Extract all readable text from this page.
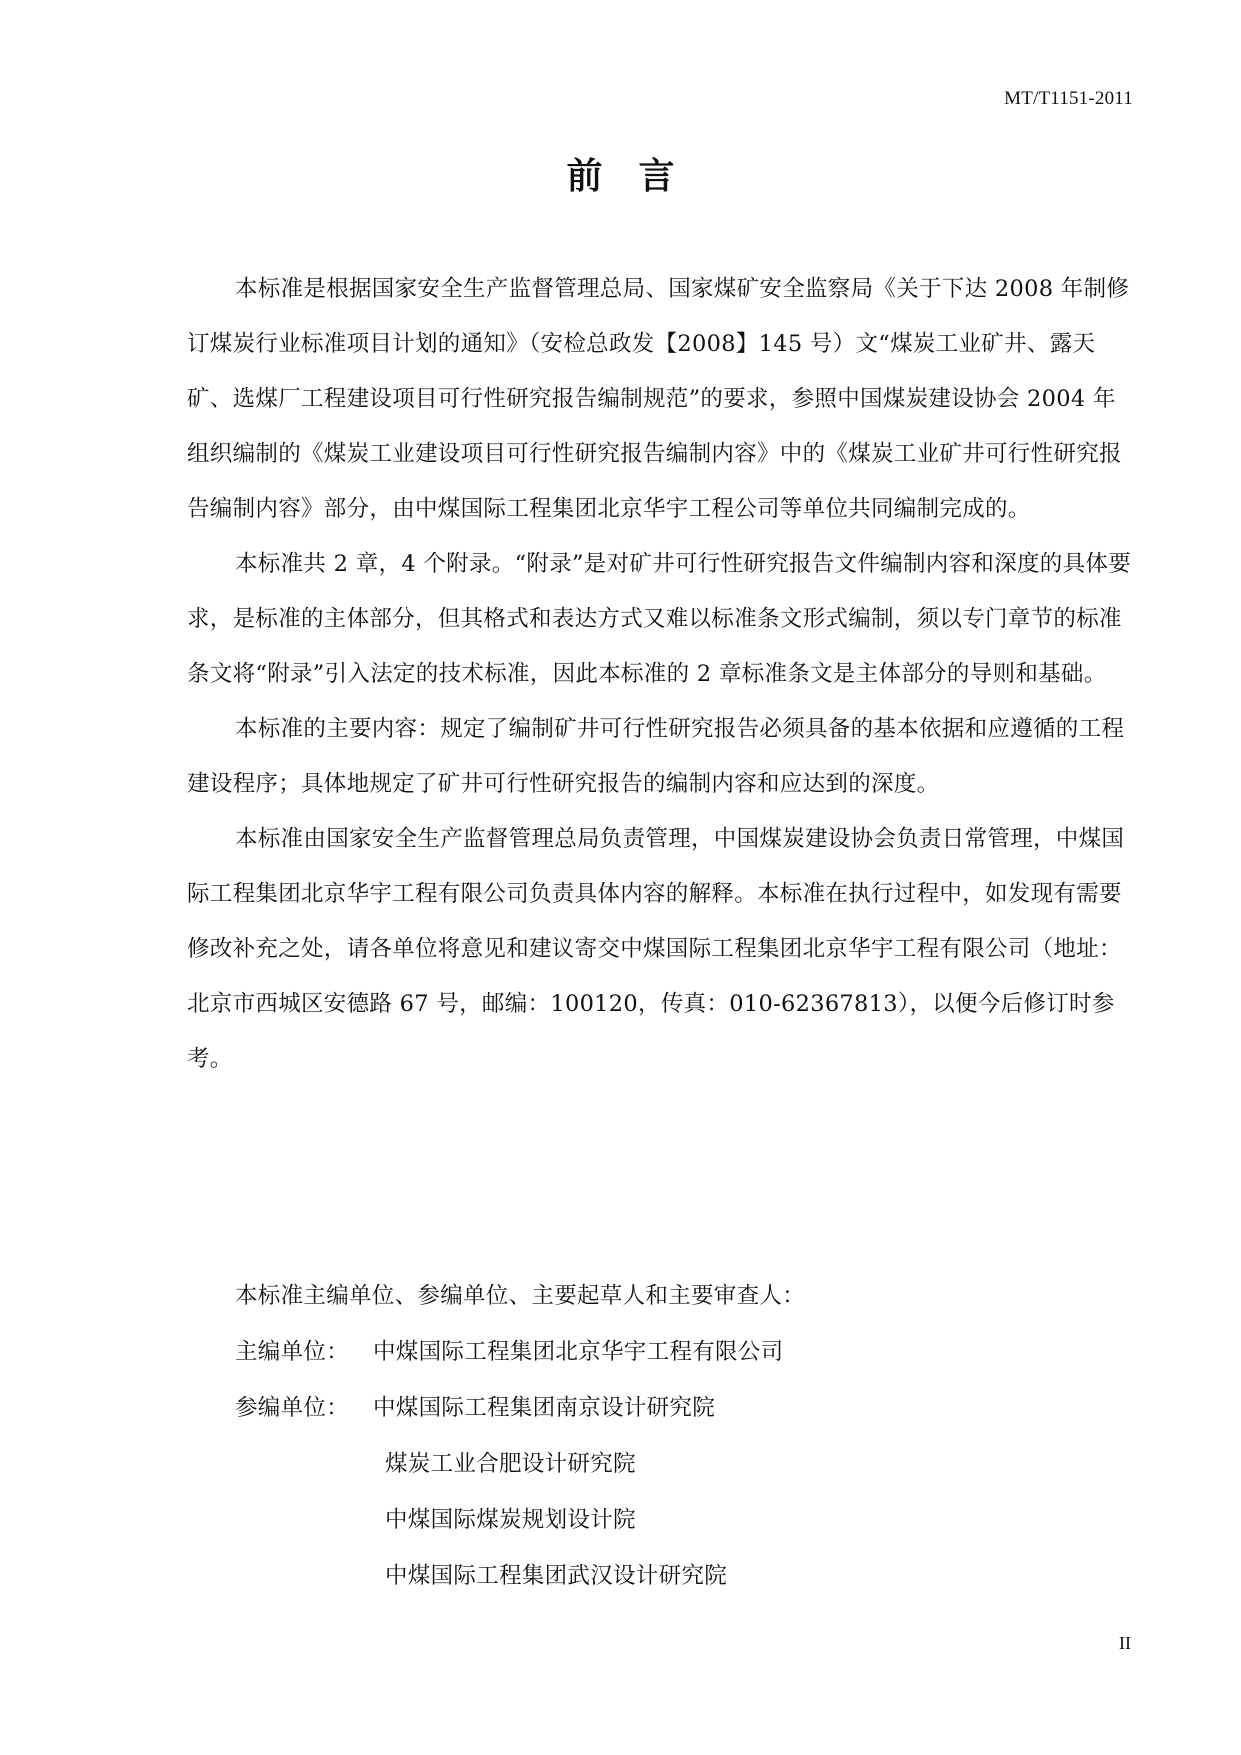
MT/T1151-2011
前言

本标准是根据国家安全生产监督管理总局、国家煤矿安全监察局《关于下达 2008 年制修订煤炭行业标准项目计划的通知》（安检总政发【2008】145 号）文“煤炭工业矿井、露天矿、选煤厂工程建设项目可行性研究报告编制规范”的要求，参照中国煤炭建设协会 2004 年组织编制的《煤炭工业建设项目可行性研究报告编制内容》中的《煤炭工业矿井可行性研究报告编制内容》部分，由中煤国际工程集团北京华宇工程公司等单位共同编制完成的。

本标准共 2 章，4 个附录。“附录”是对矿井可行性研究报告文件编制内容和深度的具体要求，是标准的主体部分，但其格式和表达方式又难以标准条文形式编制，须以专门章节的标准条文将“附录”引入法定的技术标准，因此本标准的 2 章标准条文是主体部分的导则和基础。

本标准的主要内容：规定了编制矿井可行性研究报告必须具备的基本依据和应遵循的工程建设程序；具体地规定了矿井可行性研究报告的编制内容和应达到的深度。

本标准由国家安全生产监督管理总局负责管理，中国煤炭建设协会负责日常管理，中煤国际工程集团北京华宇工程有限公司负责具体内容的解释。本标准在执行过程中，如发现有需要修改补充之处，请各单位将意见和建议寄交中煤国际工程集团北京华宇工程有限公司（地址：北京市西城区安德路 67 号，邮编：100120，传真：010-62367813），以便今后修订时参考。

本标准主编单位、参编单位、主要起草人和主要审查人：

主编单位：	中煤国际工程集团北京华宇工程有限公司
参编单位：	中煤国际工程集团南京设计研究院

煤炭工业合肥设计研究院

中煤国际煤炭规划设计院

中煤国际工程集团武汉设计研究院

II
